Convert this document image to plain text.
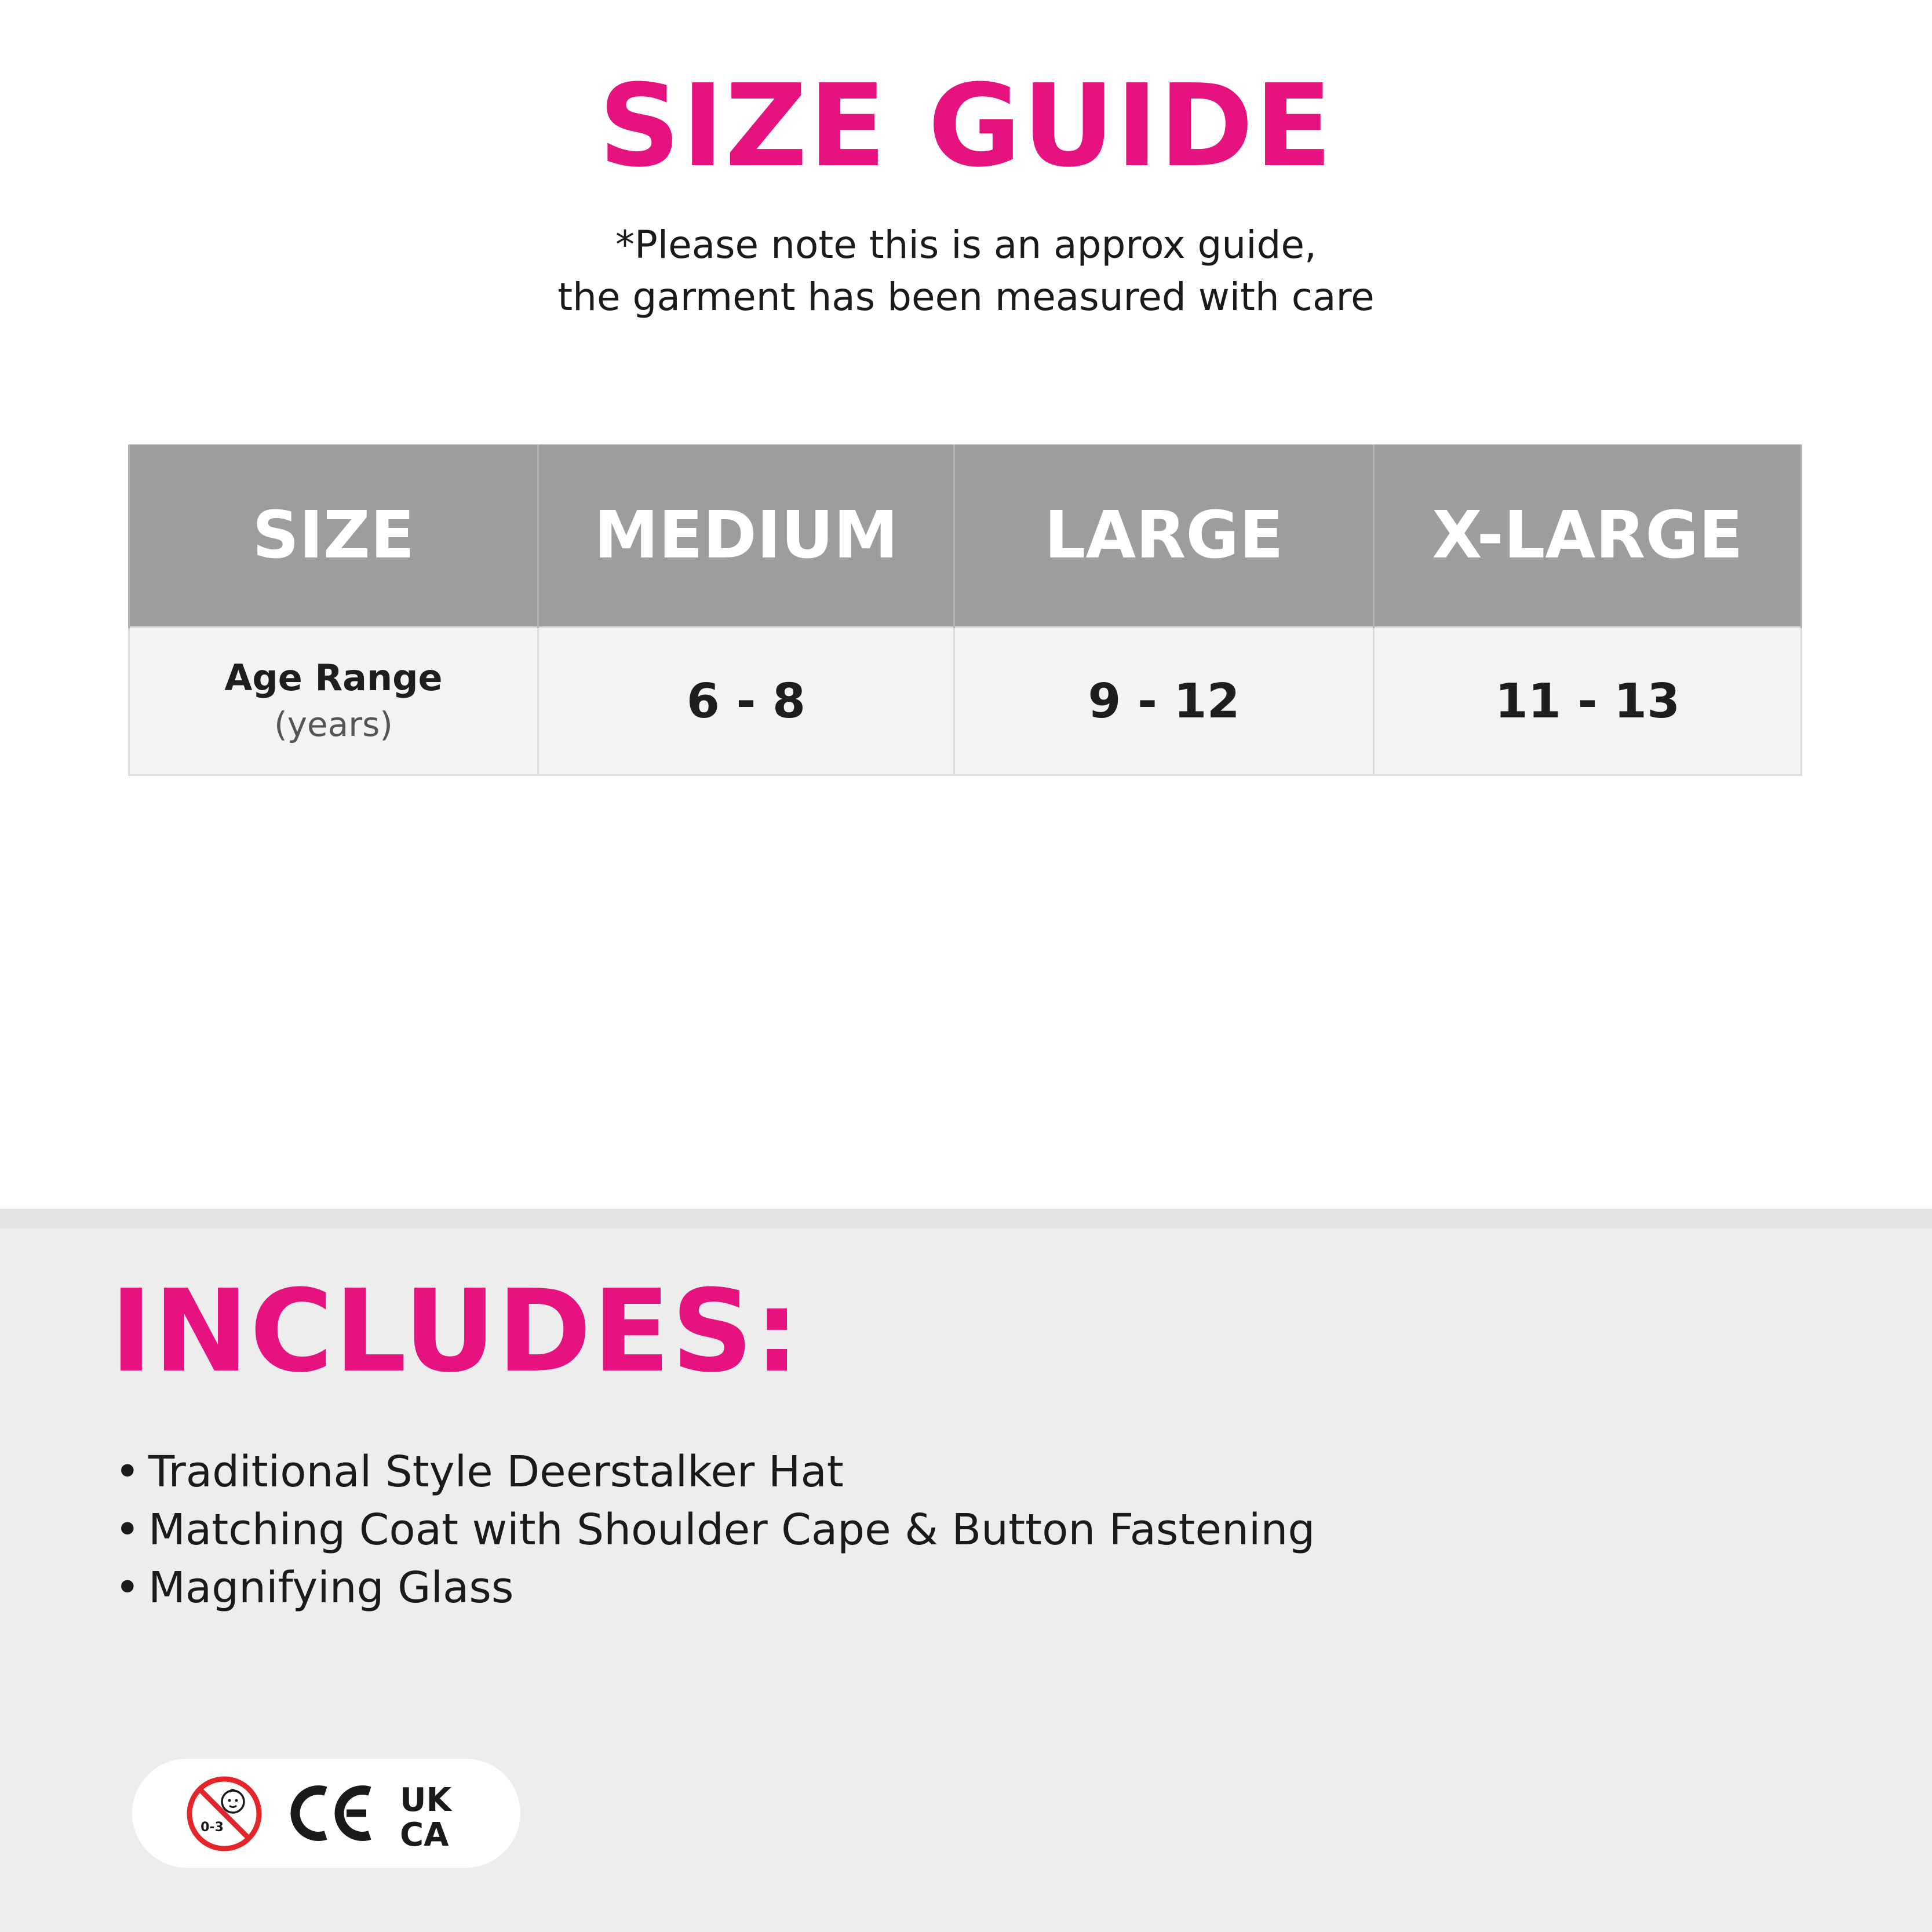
SIZE GUIDE
*Please note this is an approx guide,
the garment has been measured with care
SIZE	MEDIUM	LARGE	X-LARGE

Age Range
(years)	6 - 8	9 - 12	11 - 13
INCLUDES:
• Traditional Style Deerstalker Hat
• Matching Coat with Shoulder Cape & Button Fastening
• Magnifying Glass
0-3
UK
CA
